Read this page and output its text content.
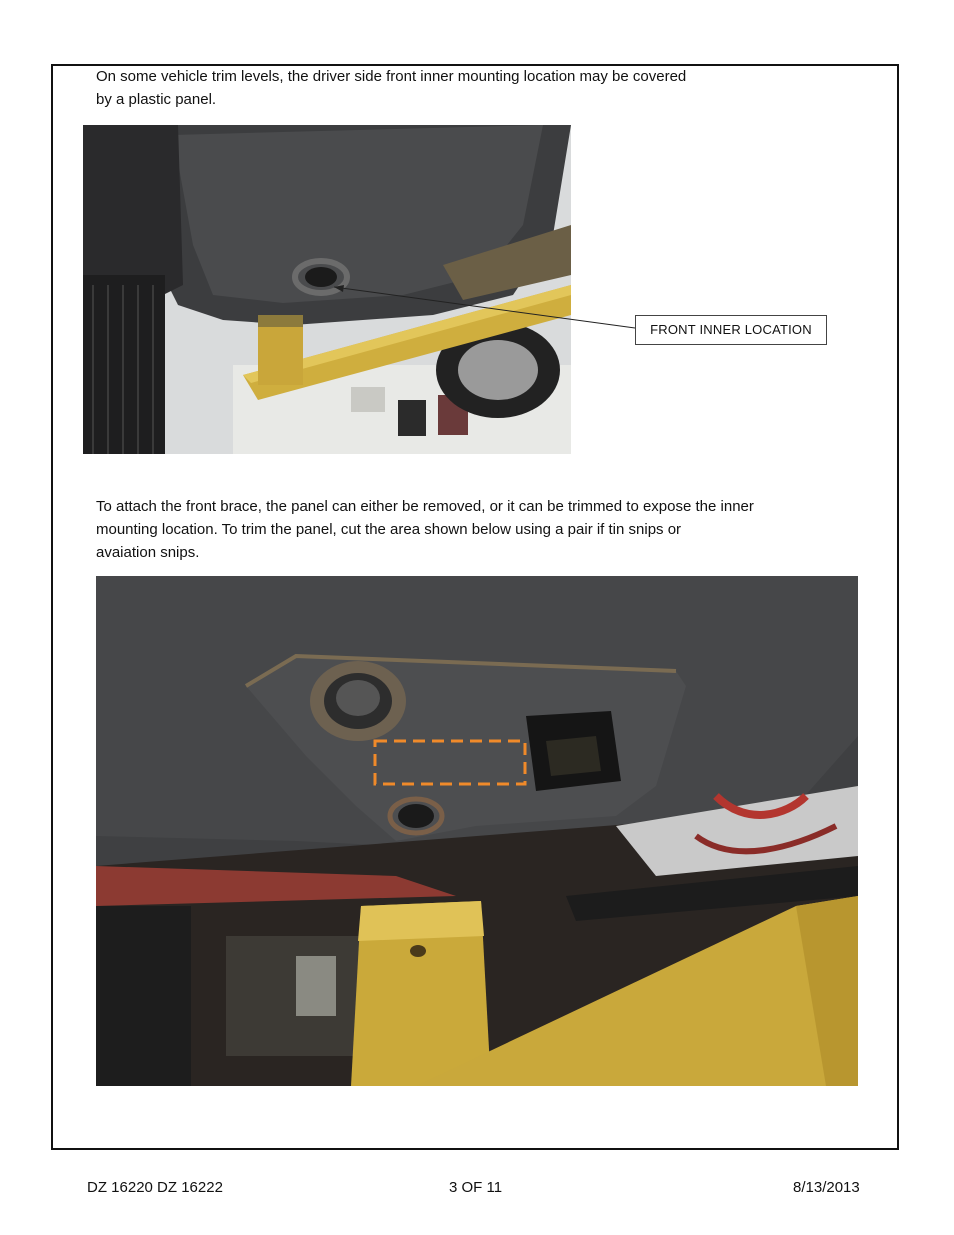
On some vehicle trim levels, the driver side front inner mounting location may be covered
by a plastic panel.

FRONT INNER LOCATION

To attach the front brace, the panel can either be removed, or it can be trimmed to expose the inner
mounting location. To trim the panel, cut the area shown below using a pair if tin snips or
avaiation snips.

DZ 16220 DZ 16222	3 OF 11	8/13/2013
